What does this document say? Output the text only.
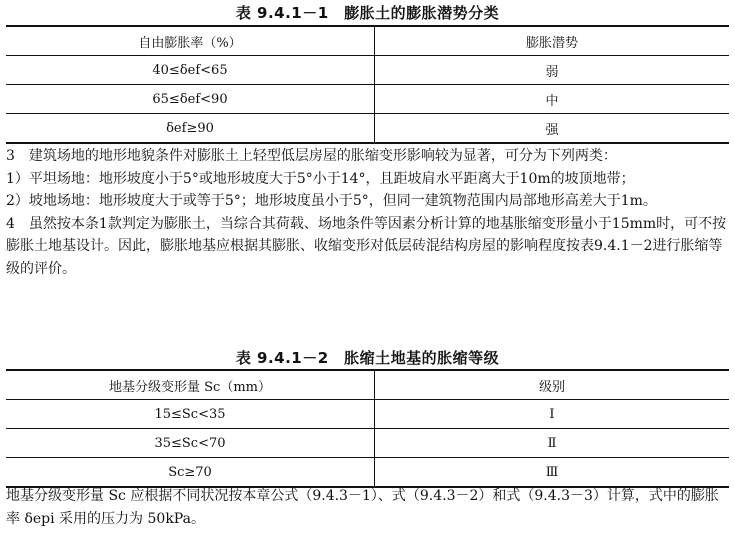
表 9.4.1－1　膨胀土的膨胀潜势分类
自由膨胀率（%）	膨胀潜势
40≤δef<65	弱
65≤δef<90	中
δef≥90	强
3　建筑场地的地形地貌条件对膨胀土上轻型低层房屋的胀缩变形影响较为显著，可分为下列两类：
1）平坦场地：地形坡度小于5°或地形坡度大于5°小于14°，且距坡肩水平距离大于10m的坡顶地带；
2）坡地场地：地形坡度大于或等于5°；地形坡度虽小于5°，但同一建筑物范围内局部地形高差大于1m。
4　虽然按本条1款判定为膨胀土，当综合其荷载、场地条件等因素分析计算的地基胀缩变形量小于15mm时，可不按膨胀土地基设计。因此，膨胀地基应根据其膨胀、收缩变形对低层砖混结构房屋的影响程度按表9.4.1－2进行胀缩等级的评价。
表 9.4.1－2　胀缩土地基的胀缩等级
地基分级变形量 Sc（mm）	级别
15≤Sc<35	Ⅰ
35≤Sc<70	Ⅱ
Sc≥70	Ⅲ
地基分级变形量 Sc 应根据不同状况按本章公式（9.4.3－1）、式（9.4.3－2）和式（9.4.3－3）计算，式中的膨胀率 δepi 采用的压力为 50kPa。
